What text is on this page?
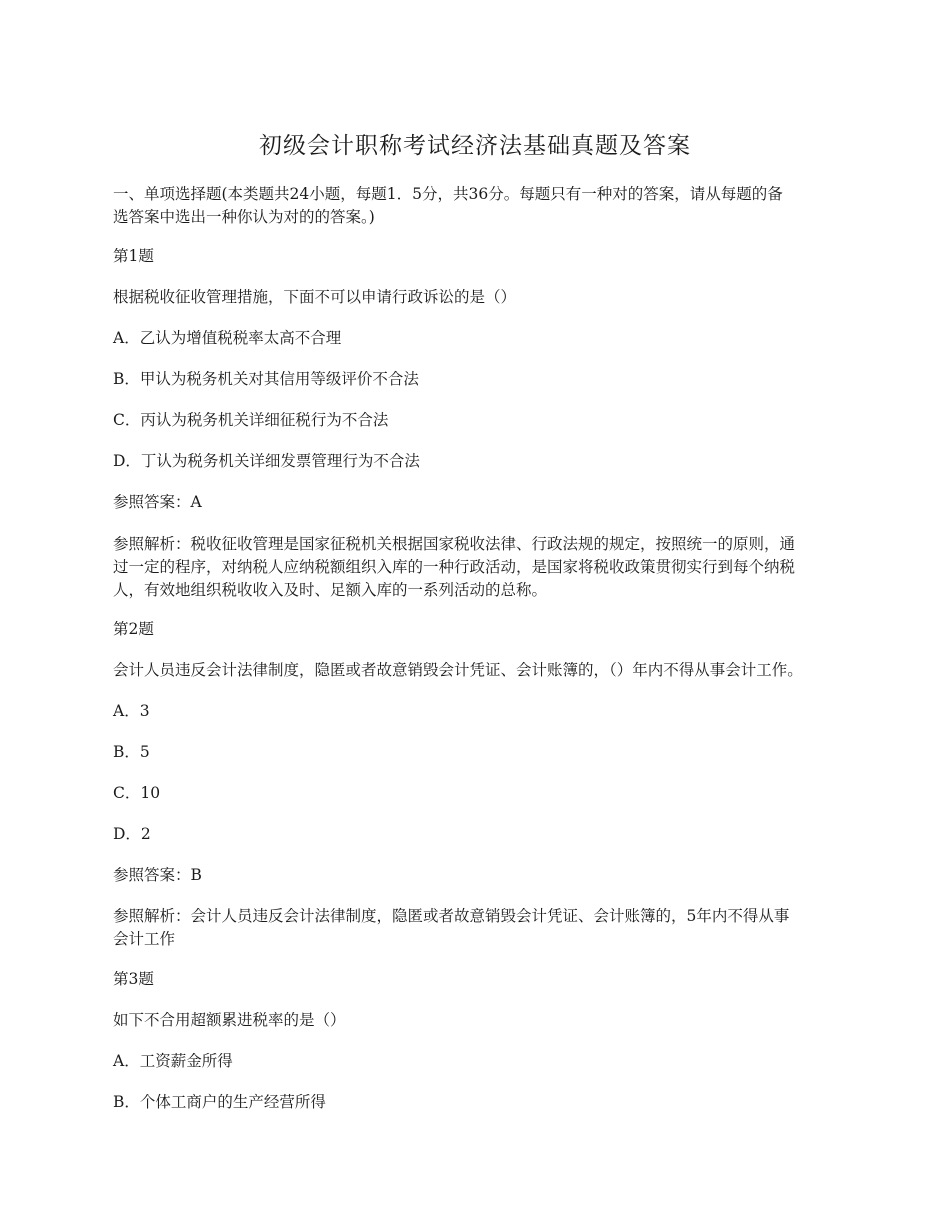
初级会计职称考试经济法基础真题及答案
一、单项选择题(本类题共24小题，每题1．5分，共36分。每题只有一种对的答案，请从每题的备
选答案中选出一种你认为对的的答案。)
第1题
根据税收征收管理措施，下面不可以申请行政诉讼的是（）
A．乙认为增值税税率太高不合理
B．甲认为税务机关对其信用等级评价不合法
C．丙认为税务机关详细征税行为不合法
D．丁认为税务机关详细发票管理行为不合法
参照答案：A
参照解析：税收征收管理是国家征税机关根据国家税收法律、行政法规的规定，按照统一的原则，通
过一定的程序，对纳税人应纳税额组织入库的一种行政活动，是国家将税收政策贯彻实行到每个纳税
人，有效地组织税收收入及时、足额入库的一系列活动的总称。
第2题
会计人员违反会计法律制度，隐匿或者故意销毁会计凭证、会计账簿的，（）年内不得从事会计工作。
A．3
B．5
C．10
D．2
参照答案：B
参照解析：会计人员违反会计法律制度，隐匿或者故意销毁会计凭证、会计账簿的，5年内不得从事
会计工作
第3题
如下不合用超额累进税率的是（）
A．工资薪金所得
B．个体工商户的生产经营所得
